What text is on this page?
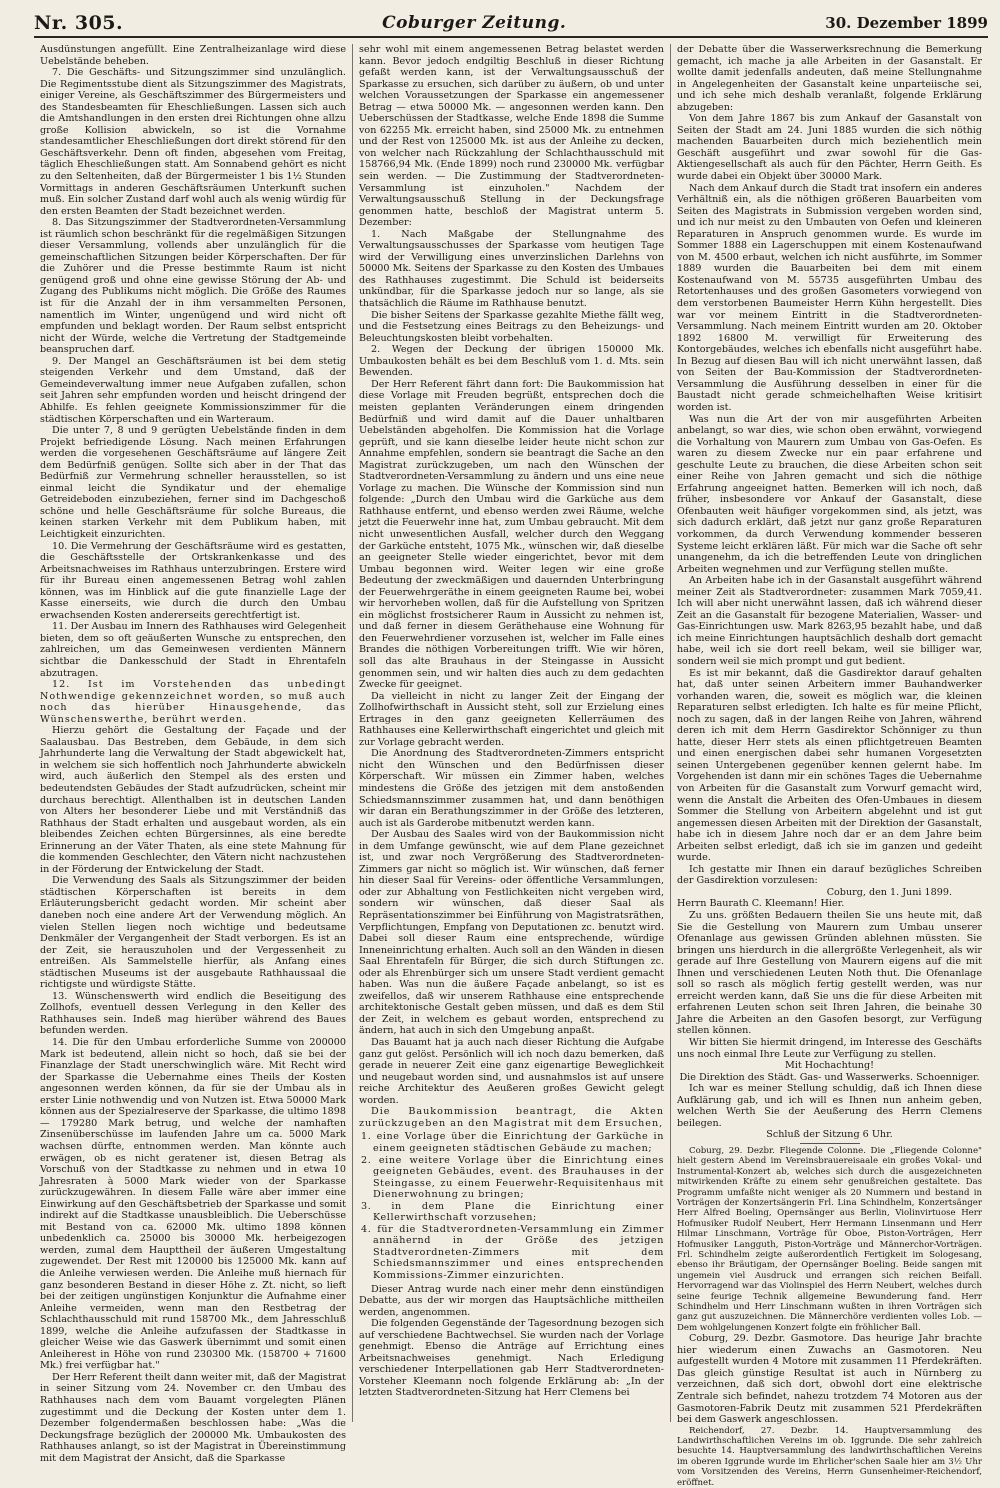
Nr. 305.	Coburger Zeitung.	30. Dezember 1899

Ausdünstungen angefüllt. Eine Zentralheizanlage wird diese Uebelstände beheben.

7. Die Geschäfts- und Sitzungszimmer sind unzulänglich. Die Regimentsstube dient als Sitzungszimmer des Magistrats, einiger Vereine, als Geschäftszimmer des Bürgermeisters und des Standesbeamten für Eheschließungen. Lassen sich auch die Amtshandlungen in den ersten drei Richtungen ohne allzu große Kollision abwickeln, so ist die Vornahme standesamtlicher Eheschließungen dort direkt störend für den Geschäftsverkehr. Denn oft finden, abgesehen vom Freitag, täglich Eheschließungen statt. Am Sonnabend gehört es nicht zu den Seltenheiten, daß der Bürgermeister 1 bis 1½ Stunden Vormittags in anderen Geschäftsräumen Unterkunft suchen muß. Ein solcher Zustand darf wohl auch als wenig würdig für den ersten Beamten der Stadt bezeichnet werden.

8. Das Sitzungszimmer der Stadtverordneten-Versammlung ist räumlich schon beschränkt für die regelmäßigen Sitzungen dieser Versammlung, vollends aber unzulänglich für die gemeinschaftlichen Sitzungen beider Körperschaften. Der für die Zuhörer und die Presse bestimmte Raum ist nicht genügend groß und ohne eine gewisse Störung der Ab- und Zugang des Publikums nicht möglich. Die Größe des Raumes ist für die Anzahl der in ihm versammelten Personen, namentlich im Winter, ungenügend und wird nicht oft empfunden und beklagt worden. Der Raum selbst entspricht nicht der Würde, welche die Vertretung der Stadtgemeinde beanspruchen darf.

9. Der Mangel an Geschäftsräumen ist bei dem stetig steigenden Verkehr und dem Umstand, daß der Gemeindeverwaltung immer neue Aufgaben zufallen, schon seit Jahren sehr empfunden worden und heischt dringend der Abhilfe. Es fehlen geeignete Kommissionszimmer für die städtischen Körperschaften und ein Warteraum.

Die unter 7, 8 und 9 gerügten Uebelstände finden in dem Projekt befriedigende Lösung. Nach meinen Erfahrungen werden die vorgesehenen Geschäftsräume auf längere Zeit dem Bedürfniß genügen. Sollte sich aber in der That das Bedürfniß zur Vermehrung schneller herausstellen, so ist einmal leicht die Syndikatur und der ehemalige Getreideboden einzubeziehen, ferner sind im Dachgeschoß schöne und helle Geschäftsräume für solche Bureaus, die keinen starken Verkehr mit dem Publikum haben, mit Leichtigkeit einzurichten.

10. Die Vermehrung der Geschäftsräume wird es gestatten, die Geschäftsstelle der Ortskrankenkasse und des Arbeitsnachweises im Rathhaus unterzubringen. Erstere wird für ihr Bureau einen angemessenen Betrag wohl zahlen können, was im Hinblick auf die gute finanzielle Lage der Kasse einerseits, wie durch die durch den Umbau erwachsenden Kosten andererseits gerechtfertigt ist.

11. Der Ausbau im Innern des Rathhauses wird Gelegenheit bieten, dem so oft geäußerten Wunsche zu entsprechen, den zahlreichen, um das Gemeinwesen verdienten Männern sichtbar die Dankesschuld der Stadt in Ehrentafeln abzutragen.

12. Ist im Vorstehenden das unbedingt Nothwendige gekennzeichnet worden, so muß auch noch das hierüber Hinausgehende, das Wünschenswerthe, berührt werden.

Hierzu gehört die Gestaltung der Façade und der Saalausbau. Das Bestreben, dem Gebäude, in dem sich Jahrhunderte lang die Verwaltung der Stadt abgewickelt hat, in welchem sie sich hoffentlich noch Jahrhunderte abwickeln wird, auch äußerlich den Stempel als des ersten und bedeutendsten Gebäudes der Stadt aufzudrücken, scheint mir durchaus berechtigt. Allenthalben ist in deutschen Landen von Alters her besonderer Liebe und mit Verständniß das Rathhaus der Stadt erhalten und ausgebaut worden, als ein bleibendes Zeichen echten Bürgersinnes, als eine beredte Erinnerung an der Väter Thaten, als eine stete Mahnung für die kommenden Geschlechter, den Vätern nicht nachzustehen in der Förderung der Entwickelung der Stadt.

Die Verwendung des Saals als Sitzungszimmer der beiden städtischen Körperschaften ist bereits in dem Erläuterungsbericht gedacht worden. Mir scheint aber daneben noch eine andere Art der Verwendung möglich. An vielen Stellen liegen noch wichtige und bedeutsame Denkmäler der Vergangenheit der Stadt verborgen. Es ist an der Zeit, sie herauszuholen und der Vergessenheit zu entreißen. Als Sammelstelle hierfür, als Anfang eines städtischen Museums ist der ausgebaute Rathhaussaal die richtigste und würdigste Stätte.

13. Wünschenswerth wird endlich die Beseitigung des Zollhofs, eventuell dessen Verlegung in den Keller des Rathhauses sein. Indeß mag hierüber während des Baues befunden werden.

14. Die für den Umbau erforderliche Summe von 200000 Mark ist bedeutend, allein nicht so hoch, daß sie bei der Finanzlage der Stadt unerschwinglich wäre. Mit Recht wird der Sparkasse die Uebernahme eines Theils der Kosten angesonnen werden können, da für sie der Umbau als in erster Linie nothwendig und von Nutzen ist. Etwa 50000 Mark können aus der Spezialreserve der Sparkasse, die ultimo 1898 — 179280 Mark betrug, und welche der namhaften Zinsenüberschüsse im laufenden Jahre um ca. 5000 Mark wachsen dürfte, entnommen werden. Man könnte auch erwägen, ob es nicht geratener ist, diesen Betrag als Vorschuß von der Stadtkasse zu nehmen und in etwa 10 Jahresraten à 5000 Mark wieder von der Sparkasse zurückzugewähren. In diesem Falle wäre aber immer eine Einwirkung auf den Geschäftsbetrieb der Sparkasse und somit indirekt auf die Stadtkasse unausbleiblich. Die Ueberschüsse mit Bestand von ca. 62000 Mk. ultimo 1898 können unbedenklich ca. 25000 bis 30000 Mk. herbeigezogen werden, zumal dem Haupttheil der äußeren Umgestaltung zugewendet. Der Rest mit 120000 bis 125000 Mk. kann auf die Anleihe verwiesen werden. Die Anleihe muß hiernach für ganz besonderen Bestand in dieser Höhe z. Zt. nicht, so lieft bei der zeitigen ungünstigen Konjunktur die Aufnahme einer Anleihe vermeiden, wenn man den Restbetrag der Schlachthausschuld mit rund 158700 Mk., dem Jahresschluß 1899, welche die Anleihe aufzufassen der Stadtkasse in gleicher Weise wie das Gaswerk übernimmt und somit einen Anleiherest in Höhe von rund 230300 Mk. (158700 + 71600 Mk.) frei verfügbar hat."

Der Herr Referent theilt dann weiter mit, daß der Magistrat in seiner Sitzung vom 24. November cr. den Umbau des Rathhauses nach dem vom Bauamt vorgelegten Plänen zugestimmt und die Deckung der Kosten unter dem 1. Dezember folgendermaßen beschlossen habe: „Was die Deckungsfrage bezüglich der 200000 Mk. Umbaukosten des Rathhauses anlangt, so ist der Magistrat in Übereinstimmung mit dem Magistrat der Ansicht, daß die Sparkasse

sehr wohl mit einem angemessenen Betrag belastet werden kann. Bevor jedoch endgiltig Beschluß in dieser Richtung gefaßt werden kann, ist der Verwaltungsausschuß der Sparkasse zu ersuchen, sich darüber zu äußern, ob und unter welchen Voraussetzungen der Sparkasse ein angemessener Betrag — etwa 50000 Mk. — angesonnen werden kann. Den Ueberschüssen der Stadtkasse, welche Ende 1898 die Summe von 62255 Mk. erreicht haben, sind 25000 Mk. zu entnehmen und der Rest von 125000 Mk. ist aus der Anleihe zu decken, von welcher nach Rückzahlung der Schlachthausschuld mit 158766,94 Mk. (Ende 1899) noch rund 230000 Mk. verfügbar sein werden. — Die Zustimmung der Stadtverordneten-Versammlung ist einzuholen." Nachdem der Verwaltungsausschuß Stellung in der Deckungsfrage genommen hatte, beschloß der Magistrat unterm 5. Dezember:

1. Nach Maßgabe der Stellungnahme des Verwaltungsausschusses der Sparkasse vom heutigen Tage wird der Verwilligung eines unverzinslichen Darlehns von 50000 Mk. Seitens der Sparkasse zu den Kosten des Umbaues des Rathhauses zugestimmt. Die Schuld ist beiderseits unkündbar, für die Sparkasse jedoch nur so lange, als sie thatsächlich die Räume im Rathhause benutzt.

Die bisher Seitens der Sparkasse gezahlte Miethe fällt weg, und die Festsetzung eines Beitrags zu den Beheizungs- und Beleuchtungskosten bleibt vorbehalten.

2. Wegen der Deckung der übrigen 150000 Mk. Umbaukosten behält es bei dem Beschluß vom 1. d. Mts. sein Bewenden.

Der Herr Referent fährt dann fort: Die Baukommission hat diese Vorlage mit Freuden begrüßt, entsprechen doch die meisten geplanten Veränderungen einem dringenden Bedürfniß und wird damit auf die Dauer unhaltbaren Uebelständen abgeholfen. Die Kommission hat die Vorlage geprüft, und sie kann dieselbe leider heute nicht schon zur Annahme empfehlen, sondern sie beantragt die Sache an den Magistrat zurückzugeben, um nach den Wünschen der Stadtverordneten-Versammlung zu ändern und uns eine neue Vorlage zu machen. Die Wünsche der Kommission sind nun folgende: „Durch den Umbau wird die Garküche aus dem Rathhause entfernt, und ebenso werden zwei Räume, welche jetzt die Feuerwehr inne hat, zum Umbau gebraucht. Mit dem nicht unwesentlichen Ausfall, welcher durch den Weggang der Garküche entsteht, 1075 Mk., wünschen wir, daß dieselbe an geeigneter Stelle wieder eingerichtet, bevor mit dem Umbau begonnen wird. Weiter legen wir eine große Bedeutung der zweckmäßigen und dauernden Unterbringung der Feuerwehrgeräthe in einem geeigneten Raume bei, wobei wir hervorheben wollen, daß für die Aufstellung von Spritzen ein möglichst frostsicherer Raum in Aussicht zu nehmen ist, und daß ferner in diesem Geräthehause eine Wohnung für den Feuerwehrdiener vorzusehen ist, welcher im Falle eines Brandes die nöthigen Vorbereitungen trifft. Wie wir hören, soll das alte Brauhaus in der Steingasse in Aussicht genommen sein, und wir halten dies auch zu dem gedachten Zwecke für geeignet.

Da vielleicht in nicht zu langer Zeit der Eingang der Zollhofwirthschaft in Aussicht steht, soll zur Erzielung eines Ertrages in den ganz geeigneten Kellerräumen des Rathhauses eine Kellerwirthschaft eingerichtet und gleich mit zur Vorlage gebracht werden.

Die Anordnung des Stadtverordneten-Zimmers entspricht nicht den Wünschen und den Bedürfnissen dieser Körperschaft. Wir müssen ein Zimmer haben, welches mindestens die Größe des jetzigen mit dem anstoßenden Schiedsmannszimmer zusammen hat, und dann benöthigen wir daran ein Berathungszimmer in der Größe des letzteren, auch ist als Garderobe mitbenutzt werden kann.

Der Ausbau des Saales wird von der Baukommission nicht in dem Umfange gewünscht, wie auf dem Plane gezeichnet ist, und zwar noch Vergrößerung des Stadtverordneten-Zimmers gar nicht so möglich ist. Wir wünschen, daß ferner hin dieser Saal für Vereins- oder öffentliche Versammlungen, oder zur Abhaltung von Festlichkeiten nicht vergeben wird, sondern wir wünschen, daß dieser Saal als Repräsentationszimmer bei Einführung von Magistratsräthen, Verpflichtungen, Empfang von Deputationen zc. benutzt wird. Dabei soll dieser Raum eine entsprechende, würdige Inneneinrichtung erhalten. Auch soll an den Wänden in diesen Saal Ehrentafeln für Bürger, die sich durch Stiftungen zc. oder als Ehrenbürger sich um unsere Stadt verdient gemacht haben. Was nun die äußere Façade anbelangt, so ist es zweifellos, daß wir unserem Rathhause eine entsprechende architektonische Gestalt geben müssen, und daß es dem Stil der Zeit, in welchem es gebaut worden, entsprechend zu ändern, hat auch in sich den Umgebung anpaßt.

Das Bauamt hat ja auch nach dieser Richtung die Aufgabe ganz gut gelöst. Persönlich will ich noch dazu bemerken, daß gerade in neuerer Zeit eine ganz eigenartige Beweglichkeit und neugebaut worden sind, und ausnahmslos ist auf unsere reiche Architektur des Aeußeren großes Gewicht gelegt worden.

Die Baukommission beantragt, die Akten zurückzugeben an den Magistrat mit dem Ersuchen,

1. eine Vorlage über die Einrichtung der Garküche in einem geeigneten städtischen Gebäude zu machen;
2. eine weitere Vorlage über die Einrichtung eines geeigneten Gebäudes, event. des Brauhauses in der Steingasse, zu einem Feuerwehr-Requisitenhaus mit Dienerwohnung zu bringen;
3. in dem Plane die Einrichtung einer Kellerwirthschaft vorzusehen;
4. für die Stadtverordneten-Versammlung ein Zimmer annähernd in der Größe des jetzigen Stadtverordneten-Zimmers mit dem Schiedsmannszimmer und eines entsprechenden Kommissions-Zimmer einzurichten.

Dieser Antrag wurde nach einer mehr denn einstündigen Debatte, aus der wir morgen das Hauptsächliche mittheilen werden, angenommen.

Die folgenden Gegenstände der Tagesordnung bezogen sich auf verschiedene Bachtwechsel. Sie wurden nach der Vorlage genehmigt. Ebenso die Anträge auf Errichtung eines Arbeitsnachweises genehmigt. Nach Erledigung verschiedener Interpellationen gab Herr Stadtverordneten-Vorsteher Kleemann noch folgende Erklärung ab: „In der letzten Stadtverordneten-Sitzung hat Herr Clemens bei

der Debatte über die Wasserwerksrechnung die Bemerkung gemacht, ich mache ja alle Arbeiten in der Gasanstalt. Er wollte damit jedenfalls andeuten, daß meine Stellungnahme in Angelegenheiten der Gasanstalt keine unparteiische sei, und ich sehe mich deshalb veranlaßt, folgende Erklärung abzugeben:

Von dem Jahre 1867 bis zum Ankauf der Gasanstalt von Seiten der Stadt am 24. Juni 1885 wurden die sich nöthig machenden Bauarbeiten durch mich beziehentlich mein Geschäft ausgeführt und zwar sowohl für die Gas-Aktiengesellschaft als auch für den Pächter, Herrn Geith. Es wurde dabei ein Objekt über 30000 Mark.

Nach dem Ankauf durch die Stadt trat insofern ein anderes Verhältniß ein, als die nöthigen größeren Bauarbeiten vom Seiten des Magistrats in Submission vergeben worden sind, und ich nur meist zu den Umbauten von Oefen und kleineren Reparaturen in Anspruch genommen wurde. Es wurde im Sommer 1888 ein Lagerschuppen mit einem Kostenaufwand von M. 4500 erbaut, welchen ich nicht ausführte, im Sommer 1889 wurden die Bauarbeiten bei dem mit einem Kostenaufwand von M. 55735 ausgeführten Umbau des Retortenhauses und des großen Gasometers vorwiegend von dem verstorbenen Baumeister Herrn Kühn hergestellt. Dies war vor meinem Eintritt in die Stadtverordneten-Versammlung. Nach meinem Eintritt wurden am 20. Oktober 1892 16800 M. verwilligt für Erweiterung des Kontorgebäudes, welches ich ebenfalls nicht ausgeführt habe. In Bezug auf diesen Bau will ich nicht unerwähnt lassen, daß von Seiten der Bau-Kommission der Stadtverordneten-Versammlung die Ausführung desselben in einer für die Baustadt nicht gerade schmeichelhaften Weise kritisirt worden ist.

Was nun die Art der von mir ausgeführten Arbeiten anbelangt, so war dies, wie schon oben erwähnt, vorwiegend die Vorhaltung von Maurern zum Umbau von Gas-Oefen. Es waren zu diesem Zwecke nur ein paar erfahrene und geschulte Leute zu brauchen, die diese Arbeiten schon seit einer Reihe von Jahren gemacht und sich die nöthige Erfahrung angeeignet hatten. Bemerken will ich noch, daß früher, insbesondere vor Ankauf der Gasanstalt, diese Ofenbauten weit häufiger vorgekommen sind, als jetzt, was sich dadurch erklärt, daß jetzt nur ganz große Reparaturen vorkommen, da durch Verwendung kommender besseren Systeme leicht erklären läßt. Für mich war die Sache oft sehr unangenehm, da ich die betreffenden Leute von dringlichen Arbeiten wegnehmen und zur Verfügung stellen mußte.

An Arbeiten habe ich in der Gasanstalt ausgeführt während meiner Zeit als Stadtverordneter: zusammen Mark 7059,41. Ich will aber nicht unerwähnt lassen, daß ich während dieser Zeit an die Gasanstalt für bezogene Materialien, Wasser- und Gas-Einrichtungen usw. Mark 8263,95 bezahlt habe, und daß ich meine Einrichtungen hauptsächlich deshalb dort gemacht habe, weil ich sie dort reell bekam, weil sie billiger war, sondern weil sie mich prompt und gut bedient.

Es ist mir bekannt, daß die Gasdirektor darauf gehalten hat, daß unter seinen Arbeitern immer Bauhandwerker vorhanden waren, die, soweit es möglich war, die kleinen Reparaturen selbst erledigten. Ich halte es für meine Pflicht, noch zu sagen, daß in der langen Reihe von Jahren, während deren ich mit dem Herrn Gasdirektor Schönniger zu thun hatte, dieser Herr stets als einen pflichtgetreuen Beamten und einen energischen dabei sehr humanen Vorgesetzten seinen Untergebenen gegenüber kennen gelernt habe. Im Vorgehenden ist dann mir ein schönes Tages die Uebernahme von Arbeiten für die Gasanstalt zum Vorwurf gemacht wird, wenn die Anstalt die Arbeiten des Ofen-Umbaues in diesem Sommer die Stellung von Arbeitern abgelehnt und ist gut angemessen diesen Arbeiten mit der Direktion der Gasanstalt, habe ich in diesem Jahre noch dar er an dem Jahre beim Arbeiten selbst erledigt, daß ich sie im ganzen und gedeiht wurde.

Ich gestatte mir Ihnen ein darauf bezügliches Schreiben der Gasdirektion vorzulesen:

Coburg, den 1. Juni 1899.

Herrn Baurath C. Kleemann! Hier.

Zu uns. größten Bedauern theilen Sie uns heute mit, daß Sie die Gestellung von Maurern zum Umbau unserer Ofenanlage aus gewissen Gründen ablehnen müssten. Sie bringen uns hierdurch in die allergrößte Verlegenheit, als wir gerade auf Ihre Gestellung von Maurern eigens auf die mit Ihnen und verschiedenen Leuten Noth thut. Die Ofenanlage soll so rasch als möglich fertig gestellt werden, was nur erreicht werden kann, daß Sie uns die für diese Arbeiten mit erfahrenen Leuten schon seit Ihren Jahren, die beinahe 30 Jahre die Arbeiten an den Gasofen besorgt, zur Verfügung stellen können.

Wir bitten Sie hiermit dringend, im Interesse des Geschäfts uns noch einmal Ihre Leute zur Verfügung zu stellen.

Mit Hochachtung!

Die Direktion des Städt. Gas- und Wasserwerks. Schoenniger.

Ich war es meiner Stellung schuldig, daß ich Ihnen diese Aufklärung gab, und ich will es Ihnen nun anheim geben, welchen Werth Sie der Aeußerung des Herrn Clemens beilegen.

Schluß der Sitzung 6 Uhr.

Coburg, 29. Dezbr. Fliegende Colonne. Die „Fliegende Colonne" hielt gestern Abend im Vereinsbrauereisaale ein großes Vokal- und Instrumental-Konzert ab, welches sich durch die ausgezeichneten mitwirkenden Kräfte zu einem sehr genußreichen gestaltete. Das Programm umfaßte nicht weniger als 20 Nummern und bestand in Vorträgen der Konzertsängerin Frl. Lina Schindhelm, Konzertsänger Herr Alfred Boeling, Opernsänger aus Berlin, Violinvirtuose Herr Hofmusiker Rudolf Neubert, Herr Hermann Linsenmann und Herr Hilmar Linschmann, Vorträge für Oboe, Piston-Vorträgen, Herr Hofmusiker Langguth, Piston-Vorträge und Männerchor-Vorträgen. Frl. Schindhelm zeigte außerordentlich Fertigkeit im Sologesang, ebenso ihr Bräutigam, der Opernsänger Boeling. Beide sangen mit ungemein viel Ausdruck und errangen sich reichen Beifall. Hervorragend war das Violinspiel des Herrn Neubert, welches durch seine feurige Technik allgemeine Bewunderung fand. Herr Schindhelm und Herr Linschmann wußten in ihren Vorträgen sich ganz gut auszuzeichnen. Die Männerchöre verdienten volles Lob. — Dem wohlgelungenen Konzert folgte ein fröhlicher Ball.

Coburg, 29. Dezbr. Gasmotore. Das heurige Jahr brachte hier wiederum einen Zuwachs an Gasmotoren. Neu aufgestellt wurden 4 Motore mit zusammen 11 Pferdekräften. Das gleich günstige Resultat ist auch in Nürnberg zu verzeichnen, daß sich dort, obwohl dort eine elektrische Zentrale sich befindet, nahezu trotzdem 74 Motoren aus der Gasmotoren-Fabrik Deutz mit zusammen 521 Pferdekräften bei dem Gaswerk angeschlossen.

Reichendorf, 27. Dezbr. 14. Hauptversammlung des Landwirthschaftlichen Vereins im ob. Iggrunde. Die sehr zahlreich besuchte 14. Hauptversammlung des landwirthschaftlichen Vereins im oberen Iggrunde wurde im Ehrlicher'schen Saale hier am 3½ Uhr vom Vorsitzenden des Vereins, Herrn Gunsenheimer-Reichendorf, eröffnet.
